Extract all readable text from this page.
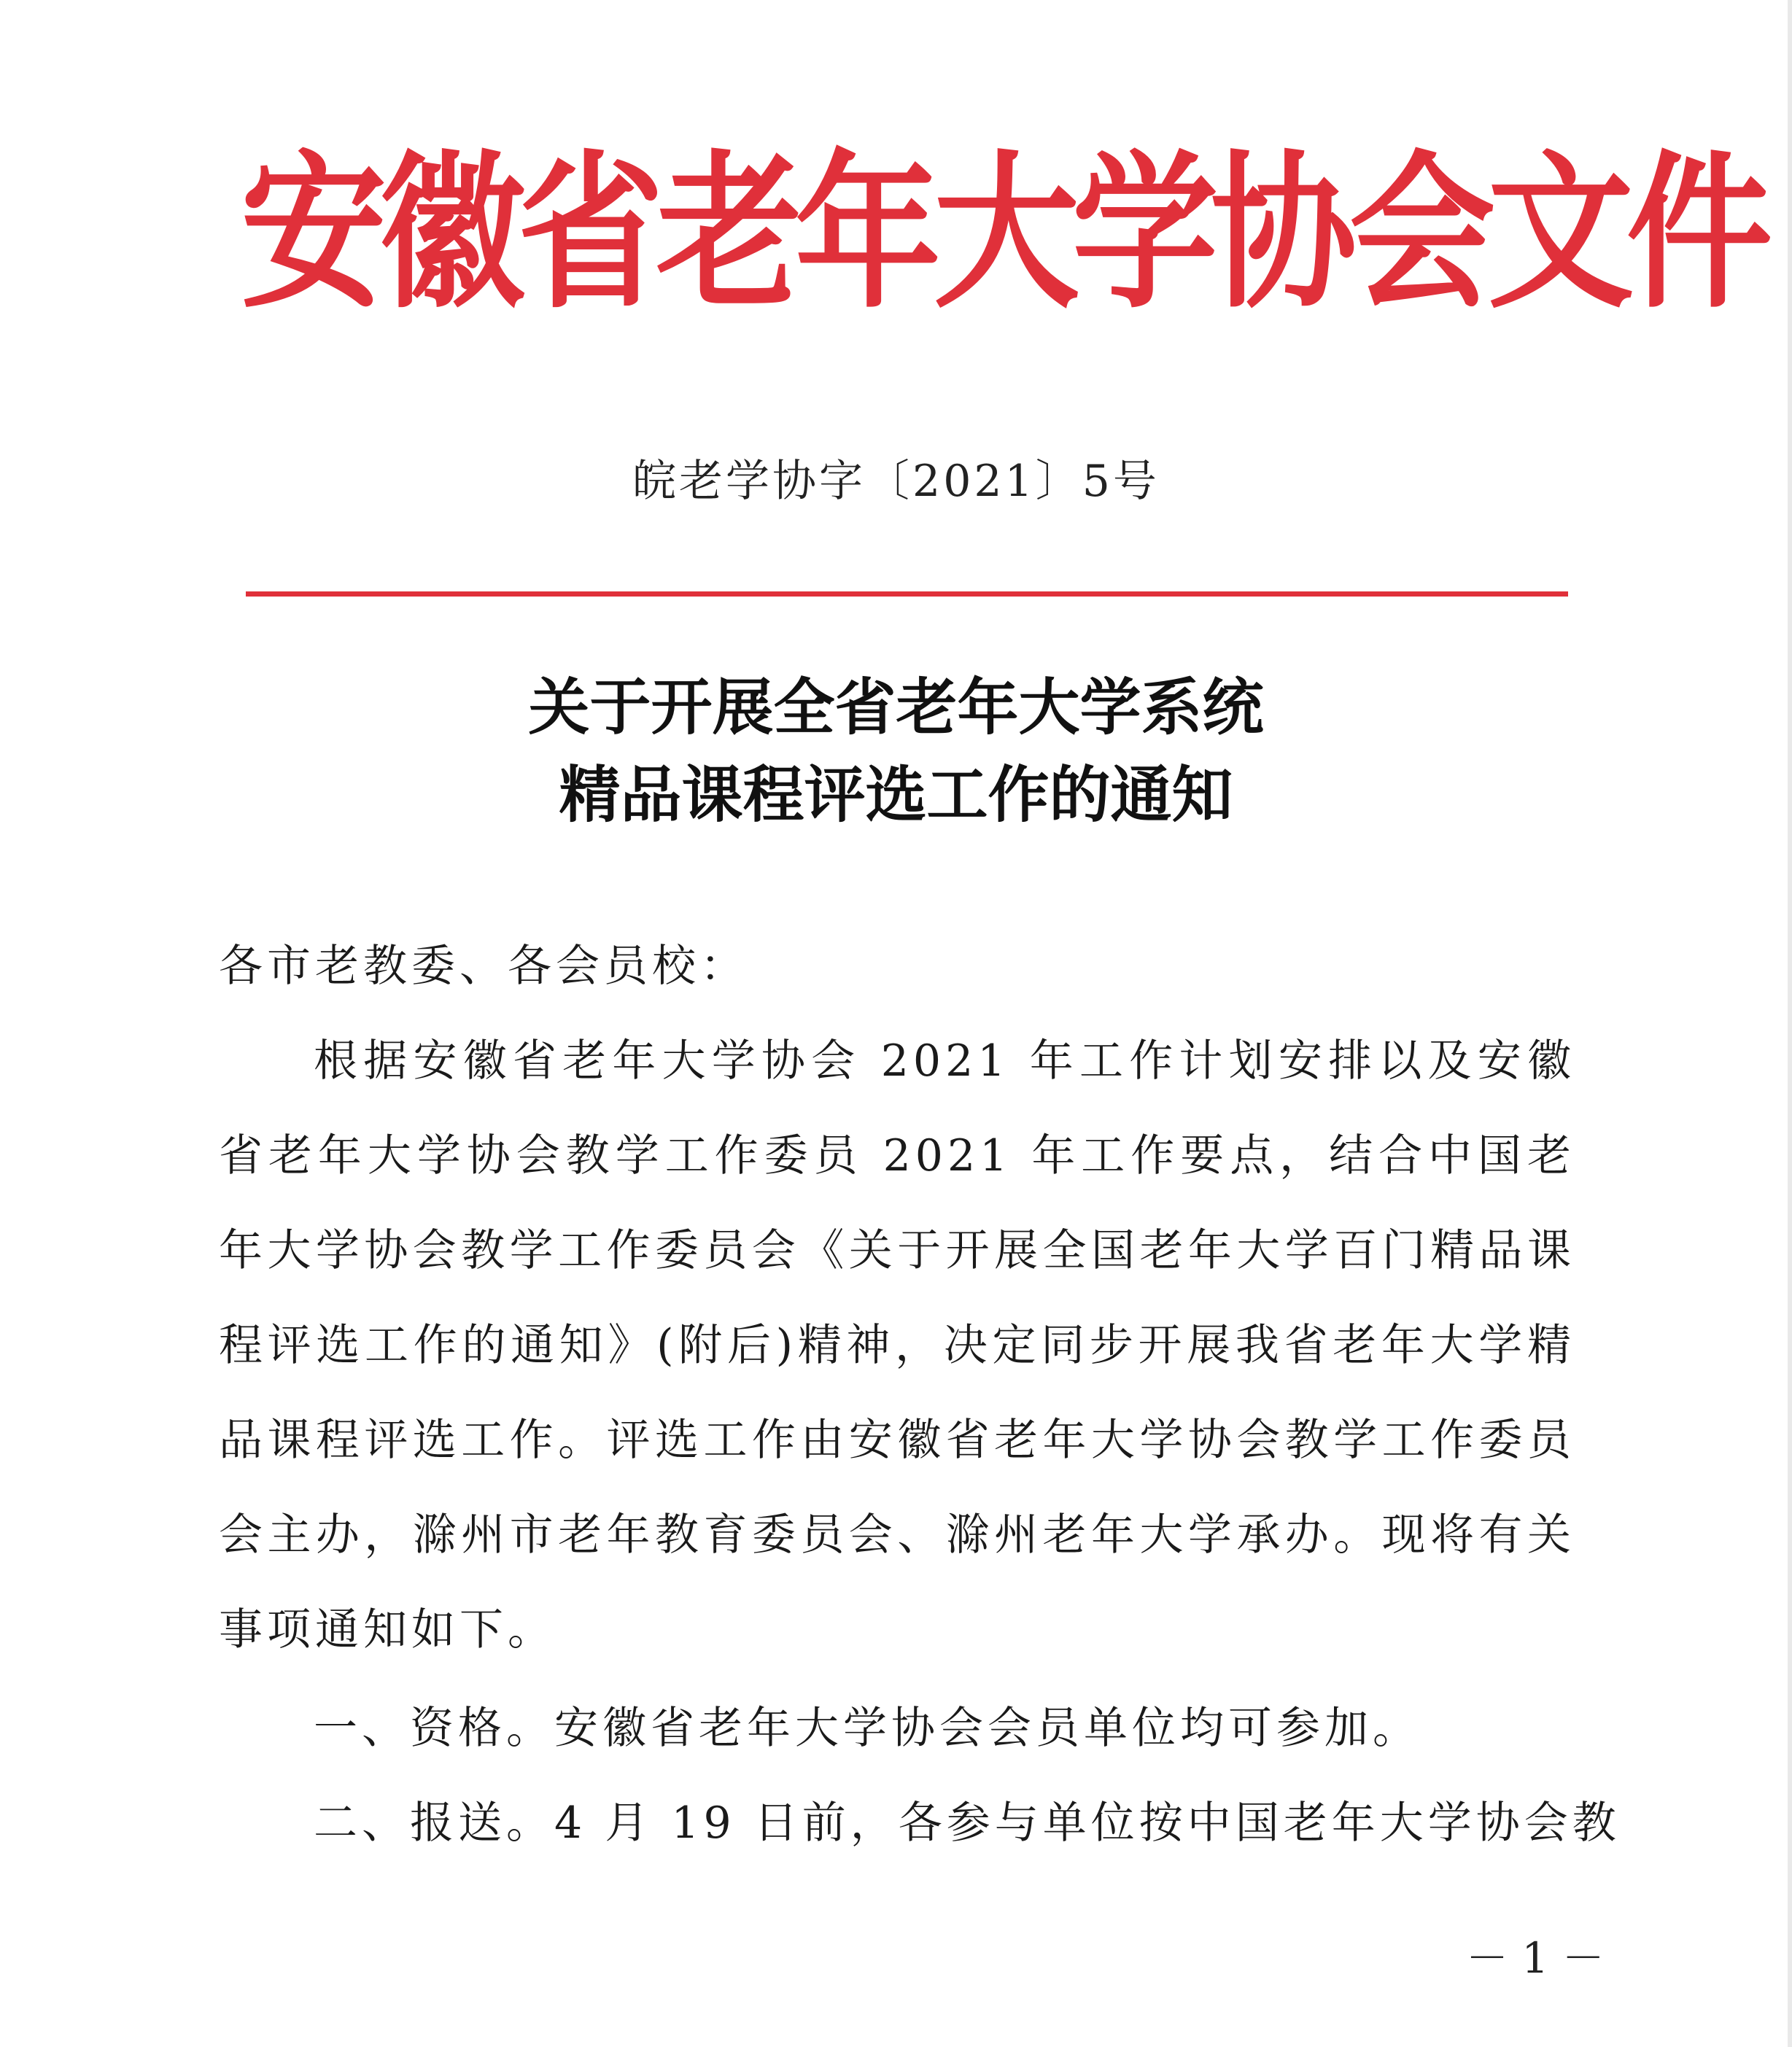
安徽省老年大学协会文件
皖老学协字〔2021〕5号
关于开展全省老年大学系统
精品课程评选工作的通知

各市老教委、各会员校：

根据安徽省老年大学协会 2021 年工作计划安排以及安徽省老年大学协会教学工作委员 2021 年工作要点，结合中国老年大学协会教学工作委员会《关于开展全国老年大学百门精品课程评选工作的通知》(附后)精神，决定同步开展我省老年大学精品课程评选工作。评选工作由安徽省老年大学协会教学工作委员会主办，滁州市老年教育委员会、滁州老年大学承办。现将有关事项通知如下。

一、资格。安徽省老年大学协会会员单位均可参加。

二、报送。4 月 19 日前，各参与单位按中国老年大学协会教

－ 1 －
